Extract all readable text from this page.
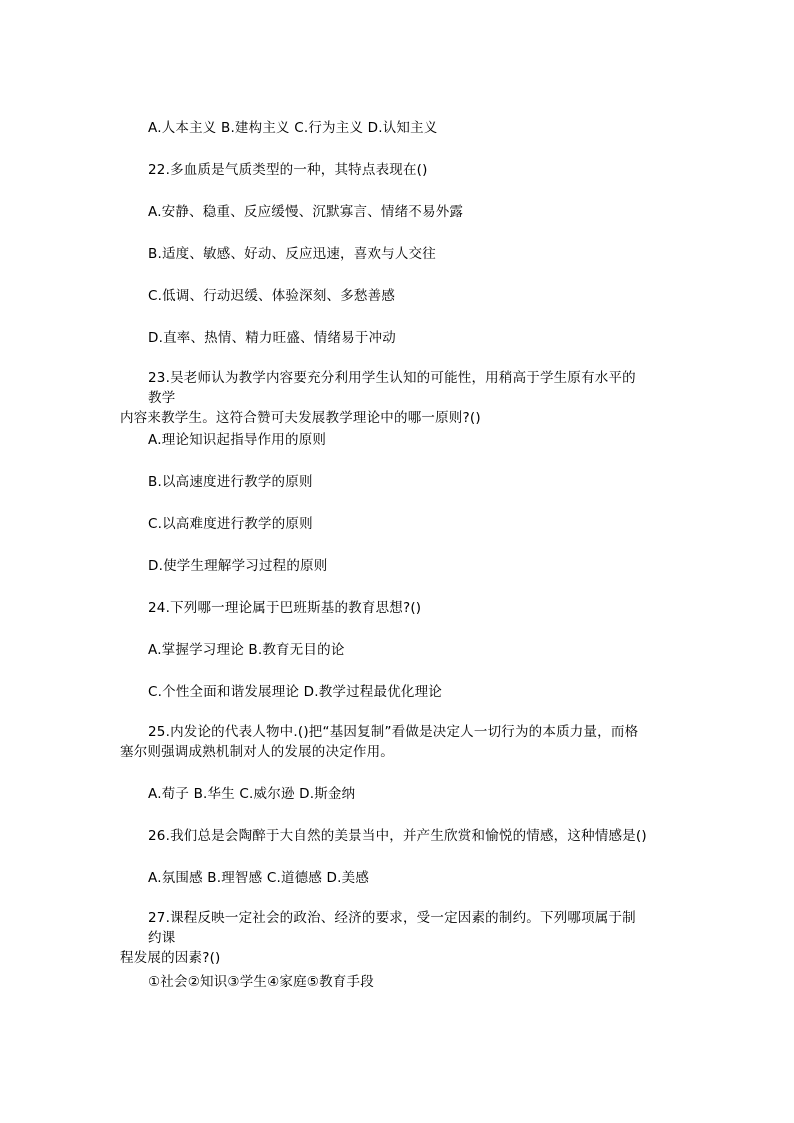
A.人本主义 B.建构主义 C.行为主义 D.认知主义
22.多血质是气质类型的一种，其特点表现在()
A.安静、稳重、反应缓慢、沉默寡言、情绪不易外露
B.适度、敏感、好动、反应迅速，喜欢与人交往
C.低调、行动迟缓、体验深刻、多愁善感
D.直率、热情、精力旺盛、情绪易于冲动
23.吴老师认为教学内容要充分利用学生认知的可能性，用稍高于学生原有水平的教学
内容来教学生。这符合赞可夫发展教学理论中的哪一原则?()
A.理论知识起指导作用的原则
B.以高速度进行教学的原则
C.以高难度进行教学的原则
D.使学生理解学习过程的原则
24.下列哪一理论属于巴班斯基的教育思想?()
A.掌握学习理论 B.教育无目的论
C.个性全面和谐发展理论 D.教学过程最优化理论
25.内发论的代表人物中.()把“基因复制”看做是决定人一切行为的本质力量，而格
塞尔则强调成熟机制对人的发展的决定作用。
A.荀子 B.华生 C.威尔逊 D.斯金纳
26.我们总是会陶醉于大自然的美景当中，并产生欣赏和愉悦的情感，这种情感是()
A.氛围感 B.理智感 C.道德感 D.美感
27.课程反映一定社会的政治、经济的要求，受一定因素的制约。下列哪项属于制约课
程发展的因素?()
①社会②知识③学生④家庭⑤教育手段
